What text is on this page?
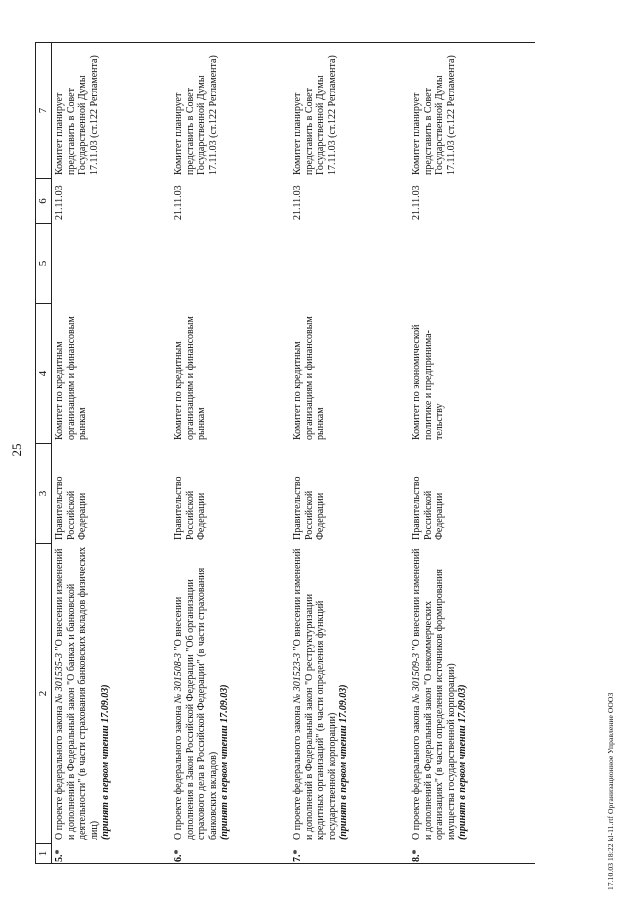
25
1
2
3
4
5
6
7
5.*
О проекте федерального закона № 301535-3 "О внесении изменений и дополнений в Федеральный закон "О банках и банковской деятельности" (в части страхования банковских вкладов физических лиц) (принят в первом чтении 17.09.03)
Правительство Российской Федерации
Комитет по кредитным организациям и финансовым рынкам
21.11.03
Комитет планирует представить в Совет Государственной Думы 17.11.03 (ст.122 Регламента)
6.*
О проекте федерального закона № 301508-3 "О внесении дополнения в Закон Российской Федерации "Об организации страхового дела в Российской Федерации" (в части страхования банковских вкладов) (принят в первом чтении 17.09.03)
Правительство Российской Федерации
Комитет по кредитным организациям и финансовым рынкам
21.11.03
Комитет планирует представить в Совет Государственной Думы 17.11.03 (ст.122 Регламента)
7.*
О проекте федерального закона № 301523-3 "О внесении изменений и дополнений в Федеральный закон "О реструктуризации кредитных организаций" (в части определения функций государственной корпорации) (принят в первом чтении 17.09.03)
Правительство Российской Федерации
Комитет по кредитным организациям и финансовым рынкам
21.11.03
Комитет планирует представить в Совет Государственной Думы 17.11.03 (ст.122 Регламента)
8.*
О проекте федерального закона № 301509-3 "О внесении изменений и дополнений в Федеральный закон "О некоммерческих организациях" (в части определения источников формирования имущества государственной корпорации) (принят в первом чтении 17.09.03)
Правительство Российской Федерации
Комитет по экономической политике и предпринима-тельству
21.11.03
Комитет планирует представить в Совет Государственной Думы 17.11.03 (ст.122 Регламента)
17.10.03 18:22 kl-11.rtf Организационное Управление ООО3
